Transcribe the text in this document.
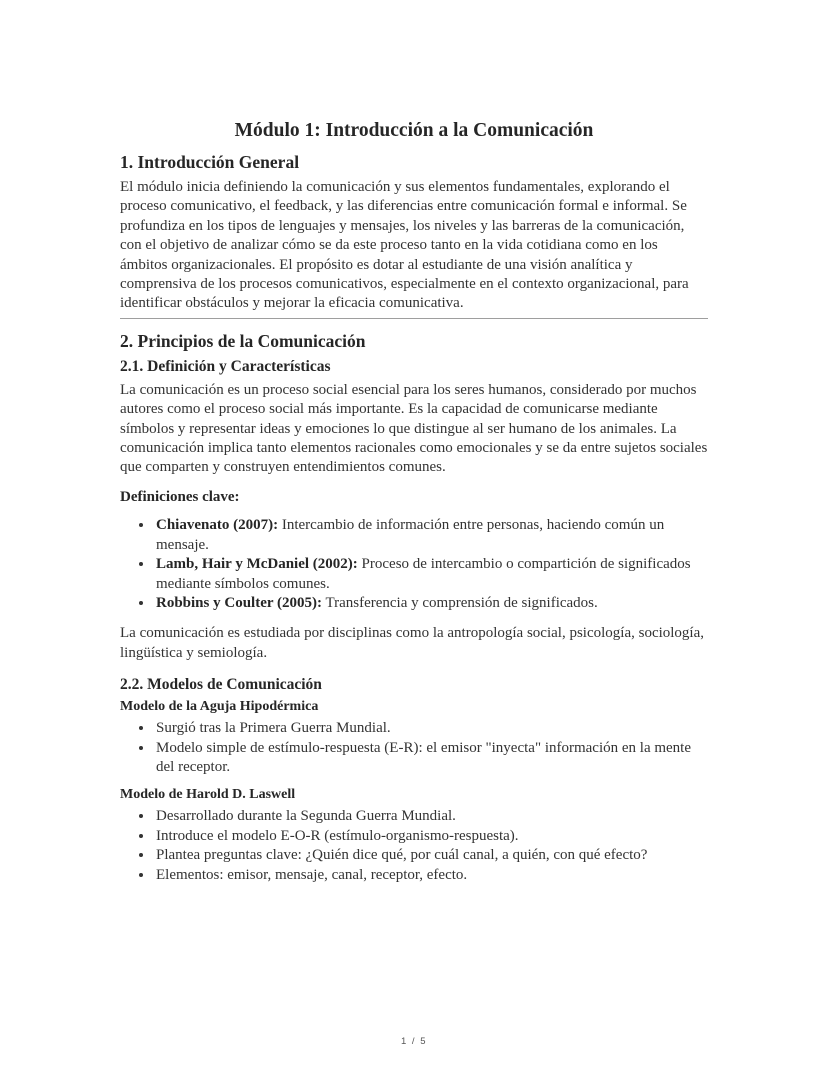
Módulo 1: Introducción a la Comunicación
1. Introducción General

El módulo inicia definiendo la comunicación y sus elementos fundamentales, explorando el proceso comunicativo, el feedback, y las diferencias entre comunicación formal e informal. Se profundiza en los tipos de lenguajes y mensajes, los niveles y las barreras de la comunicación, con el objetivo de analizar cómo se da este proceso tanto en la vida cotidiana como en los ámbitos organizacionales. El propósito es dotar al estudiante de una visión analítica y comprensiva de los procesos comunicativos, especialmente en el contexto organizacional, para identificar obstáculos y mejorar la eficacia comunicativa.

2. Principios de la Comunicación
2.1. Definición y Características

La comunicación es un proceso social esencial para los seres humanos, considerado por muchos autores como el proceso social más importante. Es la capacidad de comunicarse mediante símbolos y representar ideas y emociones lo que distingue al ser humano de los animales. La comunicación implica tanto elementos racionales como emocionales y se da entre sujetos sociales que comparten y construyen entendimientos comunes.

Definiciones clave:

• Chiavenato (2007): Intercambio de información entre personas, haciendo común un mensaje.
• Lamb, Hair y McDaniel (2002): Proceso de intercambio o compartición de significados mediante símbolos comunes.
• Robbins y Coulter (2005): Transferencia y comprensión de significados.

La comunicación es estudiada por disciplinas como la antropología social, psicología, sociología, lingüística y semiología.

2.2. Modelos de Comunicación
Modelo de la Aguja Hipodérmica
• Surgió tras la Primera Guerra Mundial.
• Modelo simple de estímulo-respuesta (E-R): el emisor "inyecta" información en la mente del receptor.
Modelo de Harold D. Laswell
• Desarrollado durante la Segunda Guerra Mundial.
• Introduce el modelo E-O-R (estímulo-organismo-respuesta).
• Plantea preguntas clave: ¿Quién dice qué, por cuál canal, a quién, con qué efecto?
• Elementos: emisor, mensaje, canal, receptor, efecto.
1 / 5
